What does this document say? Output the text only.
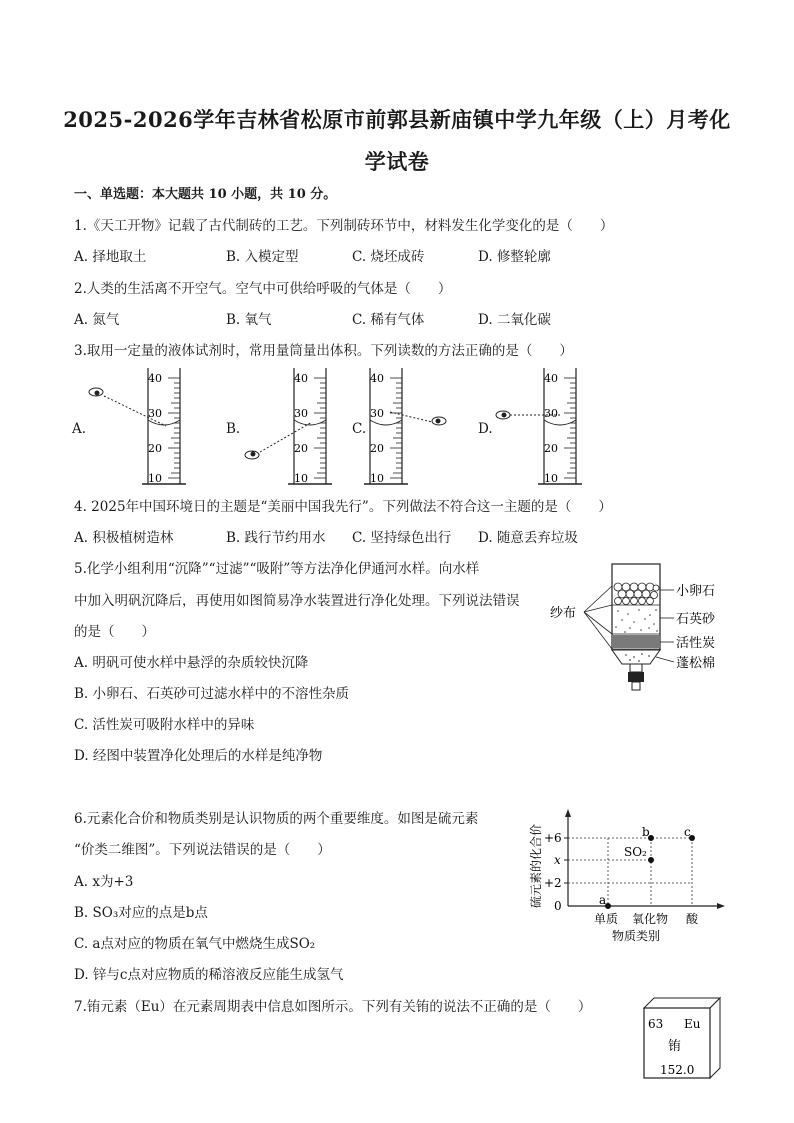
2025-2026学年吉林省松原市前郭县新庙镇中学九年级（上）月考化
学试卷
一、单选题：本大题共 10 小题，共 10 分。
1.《天工开物》记载了古代制砖的工艺。下列制砖环节中，材料发生化学变化的是（　　）
A. 择地取土	B. 入模定型	C. 烧坯成砖	D. 修整轮廓
2.人类的生活离不开空气。空气中可供给呼吸的气体是（　　）
A. 氮气	B. 氧气	C. 稀有气体	D. 二氧化碳
3.取用一定量的液体试剂时，常用量筒量出体积。下列读数的方法正确的是（　　）
A.	B.	C.	D.
40
30
20
10
40
30
20
10
40
30
20
10
40
30
20
10
4. 2025年中国环境日的主题是“美丽中国我先行”。下列做法不符合这一主题的是（　　）
A. 积极植树造林	B. 践行节约用水 C. 坚持绿色出行 D. 随意丢弃垃圾
5.化学小组利用“沉降”“过滤”“吸附”等方法净化伊通河水样。向水样
中加入明矾沉降后，再使用如图简易净水装置进行净化处理。下列说法错误
的是（　　）
A. 明矾可使水样中悬浮的杂质较快沉降
B. 小卵石、石英砂可过滤水样中的不溶性杂质
C. 活性炭可吸附水样中的异味
D. 经图中装置净化处理后的水样是纯净物
纱布
小卵石
石英砂
活性炭
蓬松棉
6.元素化合价和物质类别是认识物质的两个重要维度。如图是硫元素
“价类二维图”。下列说法错误的是（　　）
A. x为+3
B. SO₃对应的点是b点
C. a点对应的物质在氧气中燃烧生成SO₂
D. 锌与c点对应物质的稀溶液反应能生成氢气
硫元素的化合价 +6
x
+2
0	a
b	c
SO₂
单质 氧化物 酸
物质类别
7.铕元素（Eu）在元素周期表中信息如图所示。下列有关铕的说法不正确的是（　　）
63 Eu
铕
152.0
